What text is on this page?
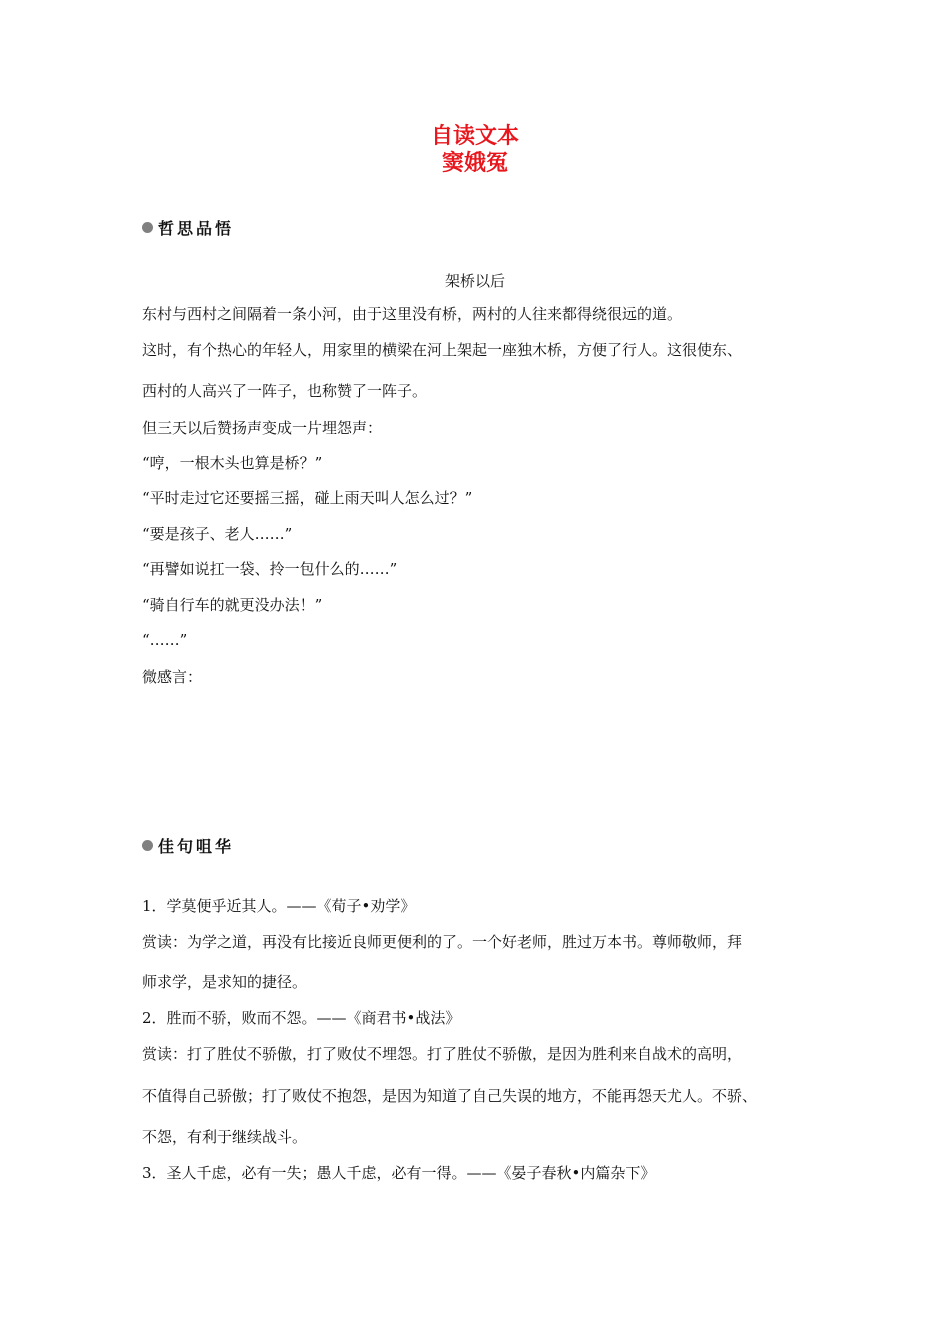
自读文本
窦娥冤
哲思品悟
架桥以后
东村与西村之间隔着一条小河，由于这里没有桥，两村的人往来都得绕很远的道。
这时，有个热心的年轻人，用家里的横梁在河上架起一座独木桥，方便了行人。这很使东、
西村的人高兴了一阵子，也称赞了一阵子。
但三天以后赞扬声变成一片埋怨声：
“哼，一根木头也算是桥？”
“平时走过它还要摇三摇，碰上雨天叫人怎么过？”
“要是孩子、老人……”
“再譬如说扛一袋、拎一包什么的……”
“骑自行车的就更没办法！”
“……”
微感言：
佳句咀华
1．学莫便乎近其人。——《荀子•劝学》
赏读：为学之道，再没有比接近良师更便利的了。一个好老师，胜过万本书。尊师敬师，拜
师求学，是求知的捷径。
2．胜而不骄，败而不怨。——《商君书•战法》
赏读：打了胜仗不骄傲，打了败仗不埋怨。打了胜仗不骄傲，是因为胜利来自战术的高明，
不值得自己骄傲；打了败仗不抱怨，是因为知道了自己失误的地方，不能再怨天尤人。不骄、
不怨，有利于继续战斗。
3．圣人千虑，必有一失；愚人千虑，必有一得。——《晏子春秋•内篇杂下》
